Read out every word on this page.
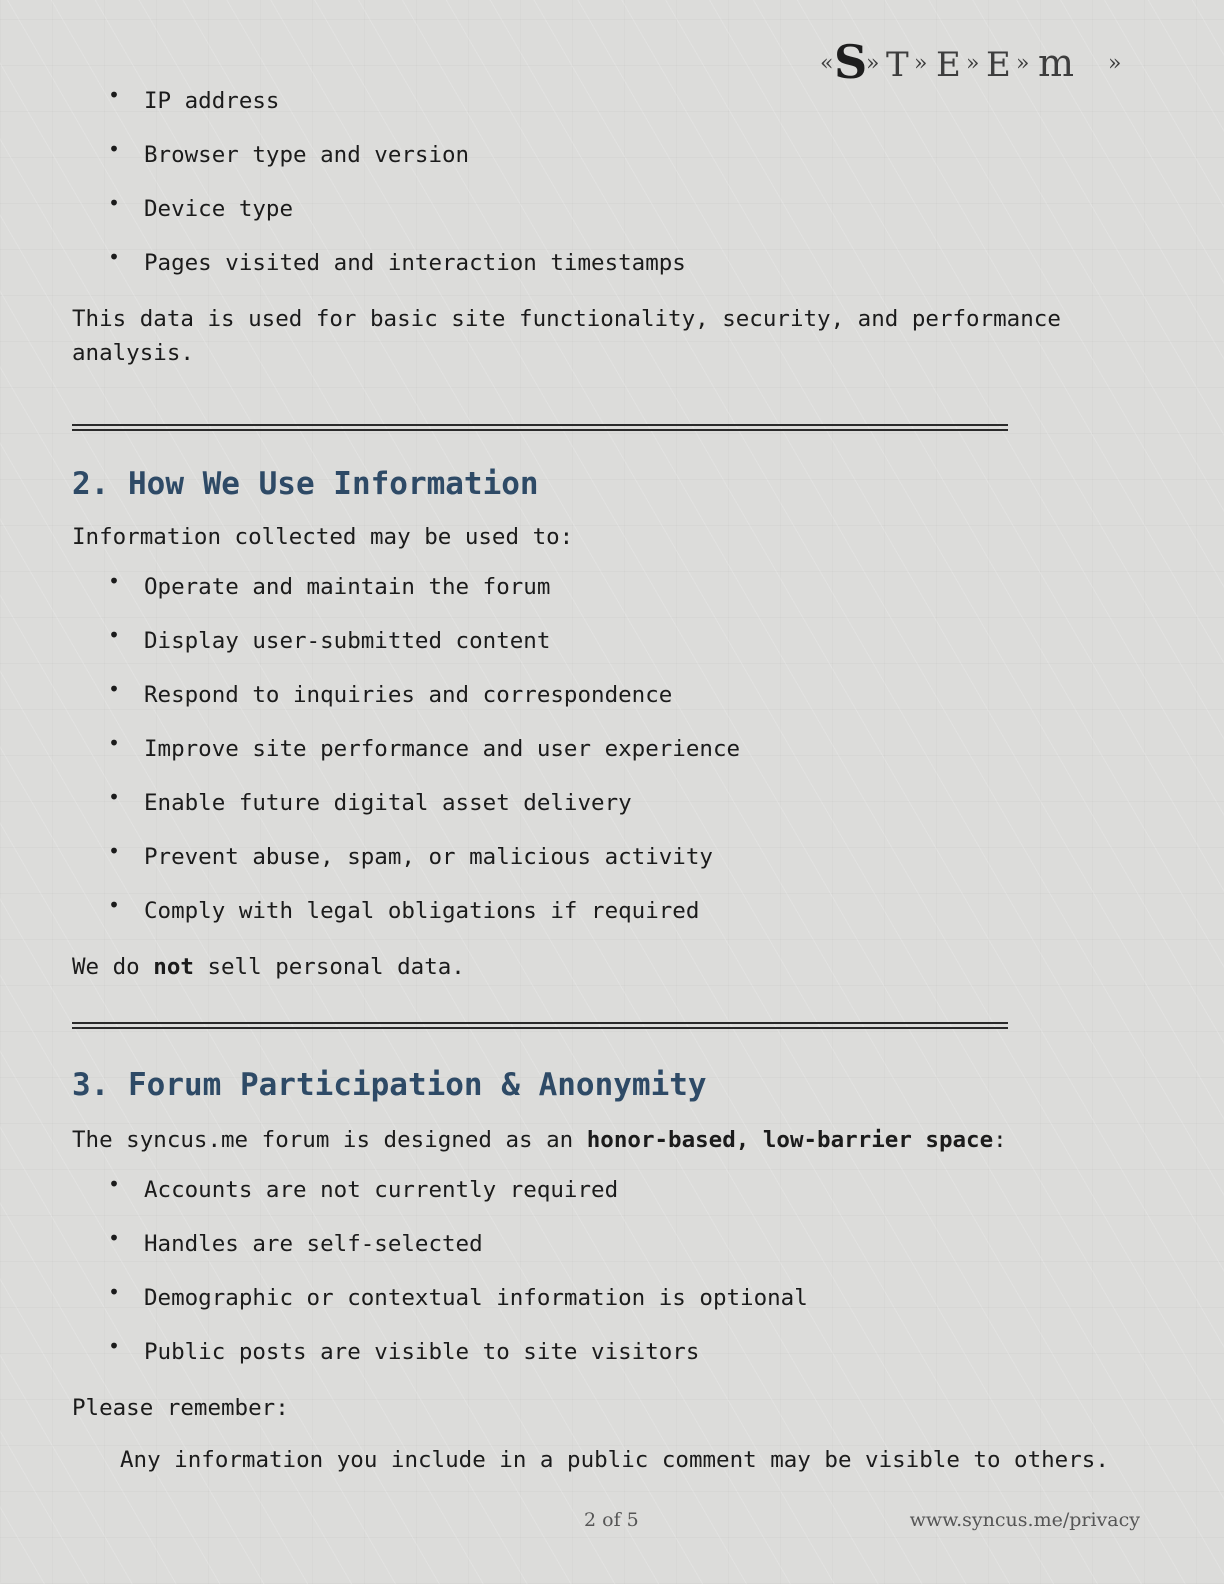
« S
» T » E » E » m »
• IP address
• Browser type and version
• Device type
• Pages visited and interaction timestamps

This data is used for basic site functionality, security, and performance analysis.

2. How We Use Information

Information collected may be used to:

• Operate and maintain the forum
• Display user-submitted content
• Respond to inquiries and correspondence
• Improve site performance and user experience
• Enable future digital asset delivery
• Prevent abuse, spam, or malicious activity
• Comply with legal obligations if required

We do not sell personal data.

3. Forum Participation & Anonymity

The syncus.me forum is designed as an honor-based, low-barrier space:

• Accounts are not currently required
• Handles are self-selected
• Demographic or contextual information is optional
• Public posts are visible to site visitors

Please remember:

Any information you include in a public comment may be visible to others.
2 of 5	www.syncus.me/privacy
